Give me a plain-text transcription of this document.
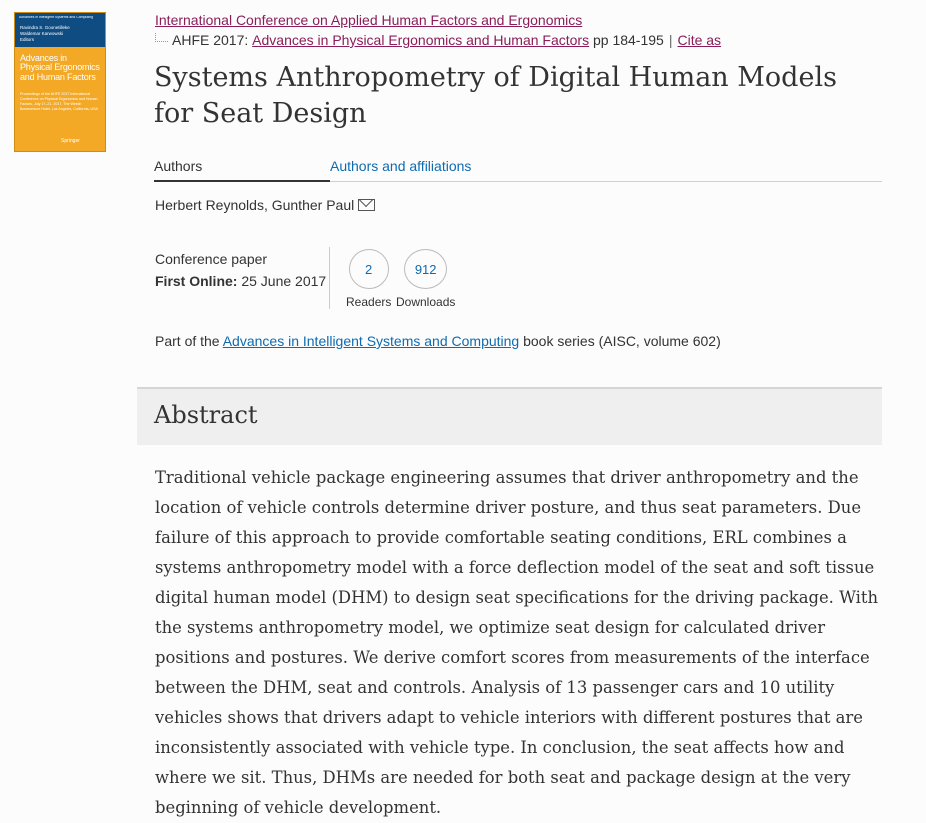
Advances in Intelligent Systems and Computing
Ravindra S. Goonetilleke
Waldemar Karwowski
Editors
Advances in Physical Ergonomics and Human Factors
Proceedings of the AHFE 2017 International Conference on Physical Ergonomics and Human Factors, July 17–21, 2017, The Westin Bonaventure Hotel, Los Angeles, California, USA
Springer
International Conference on Applied Human Factors and Ergonomics
AHFE 2017:
Advances in Physical Ergonomics and Human Factors
pp 184-195 | Cite as
Systems Anthropometry of Digital Human Models for Seat Design
Authors	Authors and affiliations
Herbert Reynolds, Gunther Paul
Conference paper
First Online: 25 June 2017
2
Readers
912
Downloads
Part of the Advances in Intelligent Systems and Computing book series (AISC, volume 602)
Abstract

Traditional vehicle package engineering assumes that driver anthropometry and the location of vehicle controls determine driver posture, and thus seat parameters. Due failure of this approach to provide comfortable seating conditions, ERL combines a systems anthropometry model with a force deflection model of the seat and soft tissue digital human model (DHM) to design seat specifications for the driving package. With the systems anthropometry model, we optimize seat design for calculated driver positions and postures. We derive comfort scores from measurements of the interface between the DHM, seat and controls. Analysis of 13 passenger cars and 10 utility vehicles shows that drivers adapt to vehicle interiors with different postures that are inconsistently associated with vehicle type. In conclusion, the seat affects how and where we sit. Thus, DHMs are needed for both seat and package design at the very beginning of vehicle development.
